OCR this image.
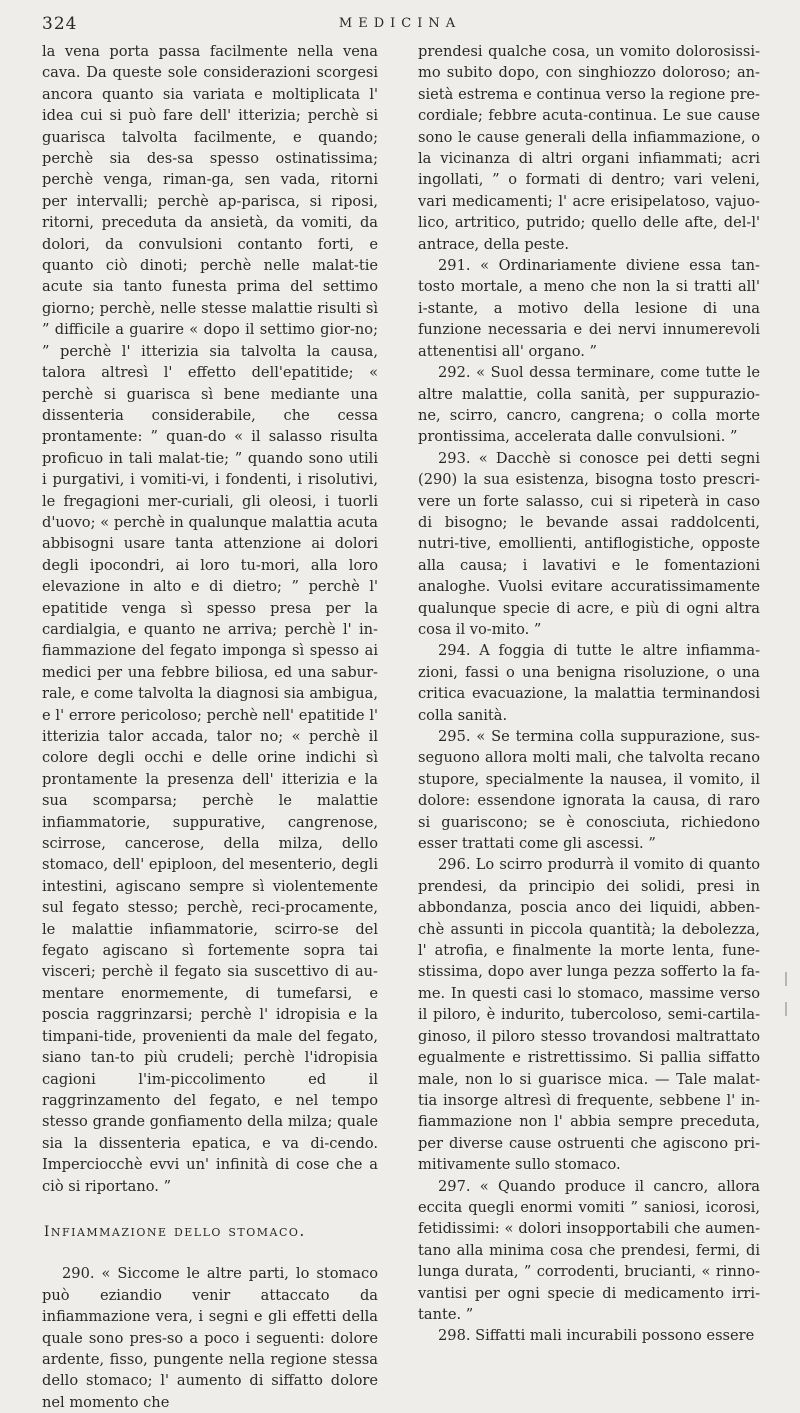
324	MEDICINA

la vena porta passa facilmente nella vena cava. Da queste sole considerazioni scorgesi ancora quanto sia variata e moltiplicata l' idea cui si può fare dell' itterizia; perchè si guarisca talvolta facilmente, e quando; perchè sia des-sa spesso ostinatissima; perchè venga, riman-ga, sen vada, ritorni per intervalli; perchè ap-parisca, si riposi, ritorni, preceduta da ansietà, da vomiti, da dolori, da convulsioni contanto forti, e quanto ciò dinoti; perchè nelle malat-tie acute sia tanto funesta prima del settimo giorno; perchè, nelle stesse malattie risulti sì ” difficile a guarire « dopo il settimo gior-no; ” perchè l' itterizia sia talvolta la causa, talora altresì l' effetto dell'epatitide; « perchè si guarisca sì bene mediante una dissenteria considerabile, che cessa prontamente: ” quan-do « il salasso risulta proficuo in tali malat-tie; ” quando sono utili i purgativi, i vomiti-vi, i fondenti, i risolutivi, le fregagioni mer-curiali, gli oleosi, i tuorli d'uovo; « perchè in qualunque malattia acuta abbisogni usare tanta attenzione ai dolori degli ipocondri, ai loro tu-mori, alla loro elevazione in alto e di dietro; ” perchè l' epatitide venga sì spesso presa per la cardialgia, e quanto ne arriva; perchè l' in-fiammazione del fegato imponga sì spesso ai medici per una febbre biliosa, ed una sabur-rale, e come talvolta la diagnosi sia ambigua, e l' errore pericoloso; perchè nell' epatitide l' itterizia talor accada, talor no; « perchè il colore degli occhi e delle orine indichi sì prontamente la presenza dell' itterizia e la sua scomparsa; perchè le malattie infiammatorie, suppurative, cangrenose, scirrose, cancerose, della milza, dello stomaco, dell' epiploon, del mesenterio, degli intestini, agiscano sempre sì violentemente sul fegato stesso; perchè, reci-procamente, le malattie infiammatorie, scirro-se del fegato agiscano sì fortemente sopra tai visceri; perchè il fegato sia suscettivo di au-mentare enormemente, di tumefarsi, e poscia raggrinzarsi; perchè l' idropisia e la timpani-tide, provenienti da male del fegato, siano tan-to più crudeli; perchè l'idropisia cagioni l'im-piccolimento ed il raggrinzamento del fegato, e nel tempo stesso grande gonfiamento della milza; quale sia la dissenteria epatica, e va di-cendo. Imperciocchè evvi un' infinità di cose che a ciò si riportano. ”

Infiammazione dello stomaco.

290. « Siccome le altre parti, lo stomaco può eziandio venir attaccato da infiammazione vera, i segni e gli effetti della quale sono pres-so a poco i seguenti: dolore ardente, fisso, pungente nella regione stessa dello stomaco; l' aumento di siffatto dolore nel momento che

prendesi qualche cosa, un vomito dolorosissi-mo subito dopo, con singhiozzo doloroso; an-sietà estrema e continua verso la regione pre-cordiale; febbre acuta-continua. Le sue cause sono le cause generali della infiammazione, o la vicinanza di altri organi infiammati; acri ingollati, ” o formati di dentro; vari veleni, vari medicamenti; l' acre erisipelatoso, vajuo-lico, artritico, putrido; quello delle afte, del-l' antrace, della peste.

291. « Ordinariamente diviene essa tan-tosto mortale, a meno che non la si tratti all' i-stante, a motivo della lesione di una funzione necessaria e dei nervi innumerevoli attenentisi all' organo. ”

292. « Suol dessa terminare, come tutte le altre malattie, colla sanità, per suppurazio-ne, scirro, cancro, cangrena; o colla morte prontissima, accelerata dalle convulsioni. ”

293. « Dacchè si conosce pei detti segni (290) la sua esistenza, bisogna tosto prescri-vere un forte salasso, cui si ripeterà in caso di bisogno; le bevande assai raddolcenti, nutri-tive, emollienti, antiflogistiche, opposte alla causa; i lavativi e le fomentazioni analoghe. Vuolsi evitare accuratissimamente qualunque specie di acre, e più di ogni altra cosa il vo-mito. ”

294. A foggia di tutte le altre infiamma-zioni, fassi o una benigna risoluzione, o una critica evacuazione, la malattia terminandosi colla sanità.

295. « Se termina colla suppurazione, sus-seguono allora molti mali, che talvolta recano stupore, specialmente la nausea, il vomito, il dolore: essendone ignorata la causa, di raro si guariscono; se è conosciuta, richiedono esser trattati come gli ascessi. ”

296. Lo scirro produrrà il vomito di quanto prendesi, da principio dei solidi, presi in abbondanza, poscia anco dei liquidi, abben-chè assunti in piccola quantità; la debolezza, l' atrofia, e finalmente la morte lenta, fune-stissima, dopo aver lunga pezza sofferto la fa-me. In questi casi lo stomaco, massime verso il piloro, è indurito, tubercoloso, semi-cartila-ginoso, il piloro stesso trovandosi maltrattato egualmente e ristrettissimo. Si pallia siffatto male, non lo si guarisce mica. — Tale malat-tia insorge altresì di frequente, sebbene l' in-fiammazione non l' abbia sempre preceduta, per diverse cause ostruenti che agiscono pri-mitivamente sullo stomaco.

297. « Quando produce il cancro, allora eccita quegli enormi vomiti ” saniosi, icorosi, fetidissimi: « dolori insopportabili che aumen-tano alla minima cosa che prendesi, fermi, di lunga durata, ” corrodenti, brucianti, « rinno-vantisi per ogni specie di medicamento irri-tante. ”

298. Siffatti mali incurabili possono essere
